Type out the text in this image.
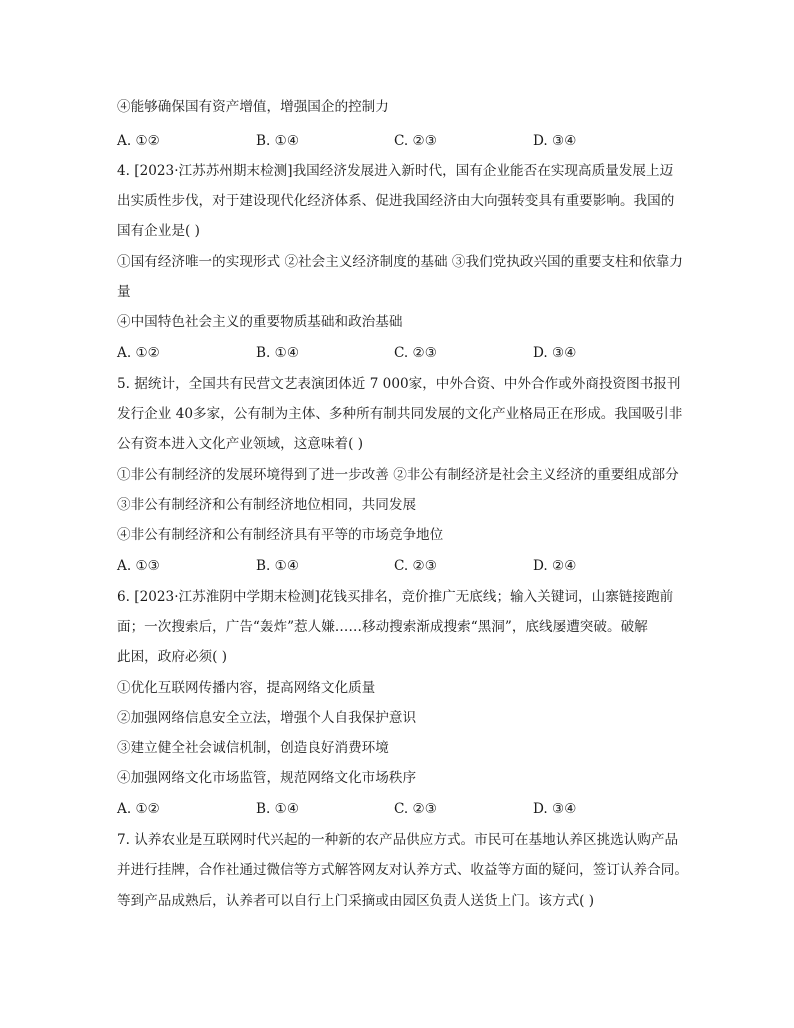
④能够确保国有资产增值，增强国企的控制力
A. ①②	B. ①④	C. ②③	D. ③④
4. [2023·江苏苏州期末检测]我国经济发展进入新时代，国有企业能否在实现高质量发展上迈
出实质性步伐，对于建设现代化经济体系、促进我国经济由大向强转变具有重要影响。我国的
国有企业是( )
①国有经济唯一的实现形式 ②社会主义经济制度的基础 ③我们党执政兴国的重要支柱和依靠力
量
④中国特色社会主义的重要物质基础和政治基础
A. ①②	B. ①④	C. ②③	D. ③④
5. 据统计，全国共有民营文艺表演团体近 7 000家，中外合资、中外合作或外商投资图书报刊
发行企业 40多家，公有制为主体、多种所有制共同发展的文化产业格局正在形成。我国吸引非
公有资本进入文化产业领域，这意味着( )
①非公有制经济的发展环境得到了进一步改善 ②非公有制经济是社会主义经济的重要组成部分
③非公有制经济和公有制经济地位相同，共同发展
④非公有制经济和公有制经济具有平等的市场竞争地位
A. ①③	B. ①④	C. ②③	D. ②④
6. [2023·江苏淮阴中学期末检测]花钱买排名，竞价推广无底线；输入关键词，山寨链接跑前
面；一次搜索后，广告“轰炸”惹人嫌……移动搜索渐成搜索“黑洞”，底线屡遭突破。破解
此困，政府必须( )
①优化互联网传播内容，提高网络文化质量
②加强网络信息安全立法，增强个人自我保护意识
③建立健全社会诚信机制，创造良好消费环境
④加强网络文化市场监管，规范网络文化市场秩序
A. ①②	B. ①④	C. ②③	D. ③④
7. 认养农业是互联网时代兴起的一种新的农产品供应方式。市民可在基地认养区挑选认购产品
并进行挂牌，合作社通过微信等方式解答网友对认养方式、收益等方面的疑问，签订认养合同。
等到产品成熟后，认养者可以自行上门采摘或由园区负责人送货上门。该方式( )
